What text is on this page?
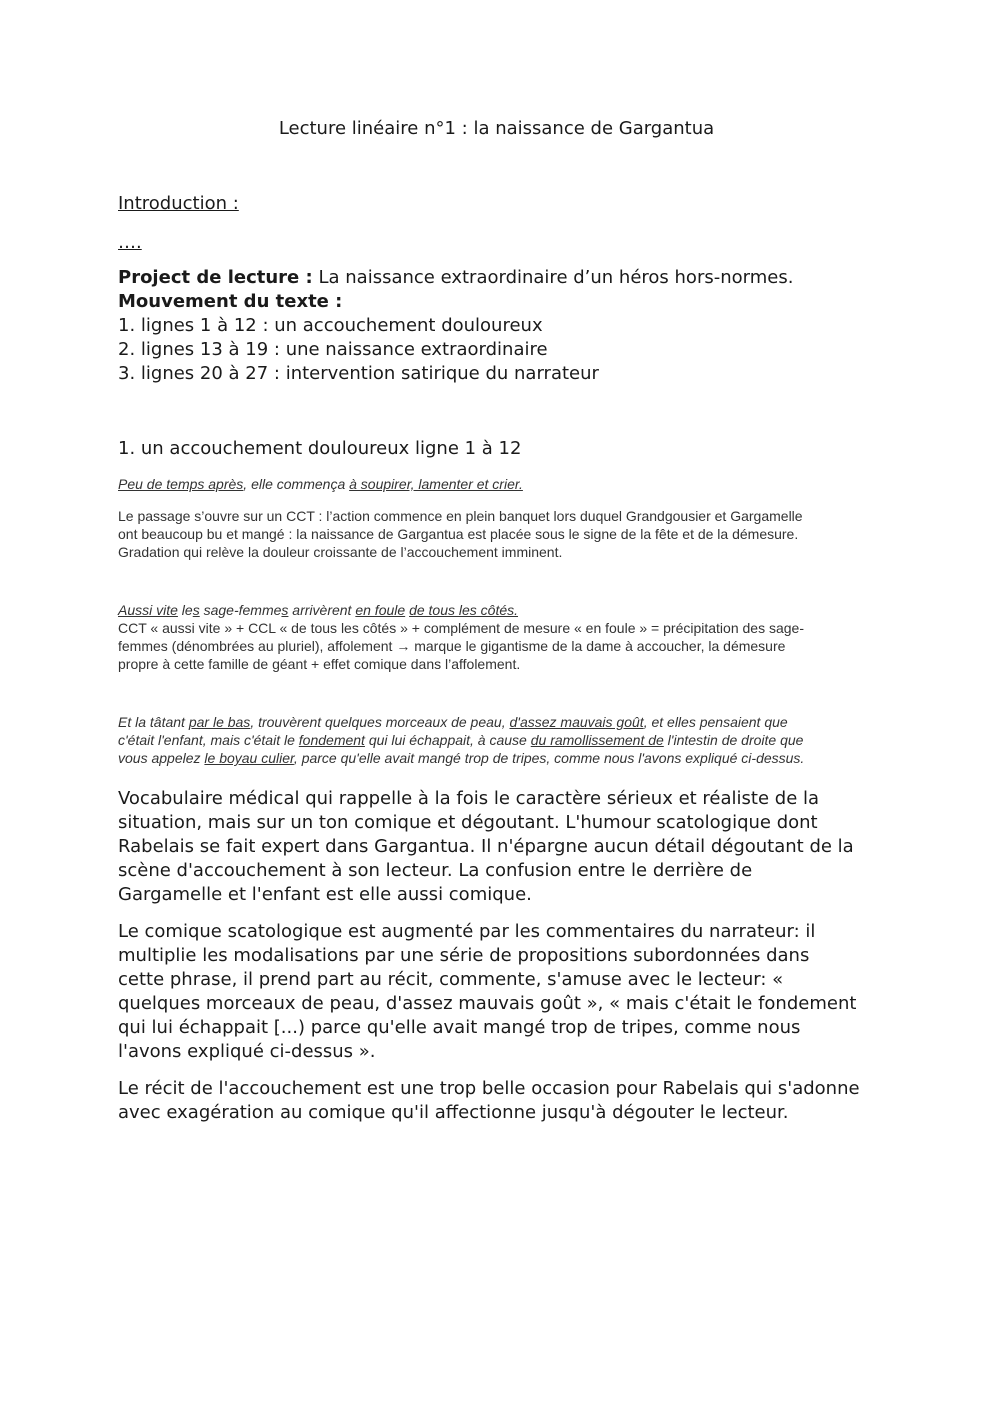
Lecture linéaire n°1 : la naissance de Gargantua
Introduction :
….
Project de lecture : La naissance extraordinaire d’un héros hors-normes.
Mouvement du texte :
1. lignes 1 à 12 : un accouchement douloureux
2. lignes 13 à 19 : une naissance extraordinaire
3. lignes 20 à 27 : intervention satirique du narrateur
1. un accouchement douloureux ligne 1 à 12
Peu de temps après, elle commença à soupirer, lamenter et crier.
Le passage s’ouvre sur un CCT : l’action commence en plein banquet lors duquel Grandgousier et Gargamelle
ont beaucoup bu et mangé : la naissance de Gargantua est placée sous le signe de la fête et de la démesure.
Gradation qui relève la douleur croissante de l’accouchement imminent.
Aussi vite les sage-femmes arrivèrent en foule de tous les côtés.
CCT « aussi vite » + CCL « de tous les côtés » + complément de mesure « en foule » = précipitation des sage-
femmes (dénombrées au pluriel), affolement → marque le gigantisme de la dame à accoucher, la démesure
propre à cette famille de géant + effet comique dans l’affolement.
Et la tâtant par le bas, trouvèrent quelques morceaux de peau, d'assez mauvais goût, et elles pensaient que
c'était l'enfant, mais c'était le fondement qui lui échappait, à cause du ramollissement de l'intestin de droite que
vous appelez le boyau culier, parce qu'elle avait mangé trop de tripes, comme nous l'avons expliqué ci-dessus.
Vocabulaire médical qui rappelle à la fois le caractère sérieux et réaliste de la
situation, mais sur un ton comique et dégoutant. L'humour scatologique dont
Rabelais se fait expert dans Gargantua. Il n'épargne aucun détail dégoutant de la
scène d'accouchement à son lecteur. La confusion entre le derrière de
Gargamelle et l'enfant est elle aussi comique.
Le comique scatologique est augmenté par les commentaires du narrateur: il
multiplie les modalisations par une série de propositions subordonnées dans
cette phrase, il prend part au récit, commente, s'amuse avec le lecteur: «
quelques morceaux de peau, d'assez mauvais goût », « mais c'était le fondement
qui lui échappait [...) parce qu'elle avait mangé trop de tripes, comme nous
l'avons expliqué ci-dessus ».
Le récit de l'accouchement est une trop belle occasion pour Rabelais qui s'adonne
avec exagération au comique qu'il affectionne jusqu'à dégouter le lecteur.
